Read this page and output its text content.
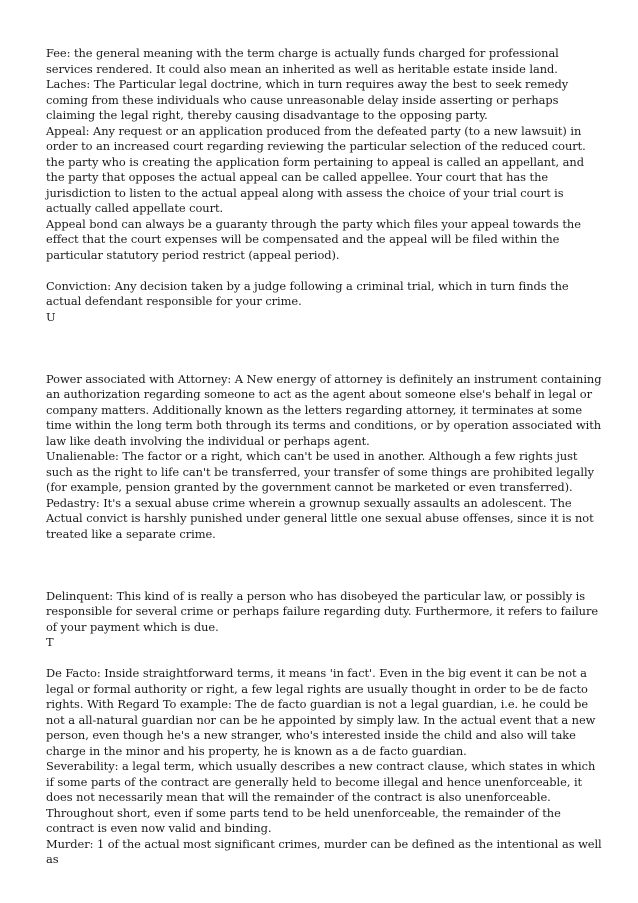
Fee: the general meaning with the term charge is actually funds charged for professional services rendered. It could also mean an inherited as well as heritable estate inside land.

Laches: The Particular legal doctrine, which in turn requires away the best to seek remedy coming from these individuals who cause unreasonable delay inside asserting or perhaps claiming the legal right, thereby causing disadvantage to the opposing party.

Appeal: Any request or an application produced from the defeated party (to a new lawsuit) in order to an increased court regarding reviewing the particular selection of the reduced court. the party who is creating the application form pertaining to appeal is called an appellant, and the party that opposes the actual appeal can be called appellee. Your court that has the jurisdiction to listen to the actual appeal along with assess the choice of your trial court is actually called appellate court.

Appeal bond can always be a guaranty through the party which files your appeal towards the effect that the court expenses will be compensated and the appeal will be filed within the particular statutory period restrict (appeal period).

Conviction: Any decision taken by a judge following a criminal trial, which in turn finds the actual defendant responsible for your crime.

U

Power associated with Attorney: A New energy of attorney is definitely an instrument containing an authorization regarding someone to act as the agent about someone else's behalf in legal or company matters. Additionally known as the letters regarding attorney, it terminates at some time within the long term both through its terms and conditions, or by operation associated with law like death involving the individual or perhaps agent.

Unalienable: The factor or a right, which can't be used in another. Although a few rights just such as the right to life can't be transferred, your transfer of some things are prohibited legally (for example, pension granted by the government cannot be marketed or even transferred).

Pedastry: It's a sexual abuse crime wherein a grownup sexually assaults an adolescent. The Actual convict is harshly punished under general little one sexual abuse offenses, since it is not treated like a separate crime.

Delinquent: This kind of is really a person who has disobeyed the particular law, or possibly is responsible for several crime or perhaps failure regarding duty. Furthermore, it refers to failure of your payment which is due.

T

De Facto: Inside straightforward terms, it means 'in fact'. Even in the big event it can be not a legal or formal authority or right, a few legal rights are usually thought in order to be de facto rights. With Regard To example: The de facto guardian is not a legal guardian, i.e. he could be not a all-natural guardian nor can be he appointed by simply law. In the actual event that a new person, even though he's a new stranger, who's interested inside the child and also will take charge in the minor and his property, he is known as a de facto guardian.

Severability: a legal term, which usually describes a new contract clause, which states in which if some parts of the contract are generally held to become illegal and hence unenforceable, it does not necessarily mean that will the remainder of the contract is also unenforceable. Throughout short, even if some parts tend to be held unenforceable, the remainder of the contract is even now valid and binding.

Murder: 1 of the actual most significant crimes, murder can be defined as the intentional as well as
